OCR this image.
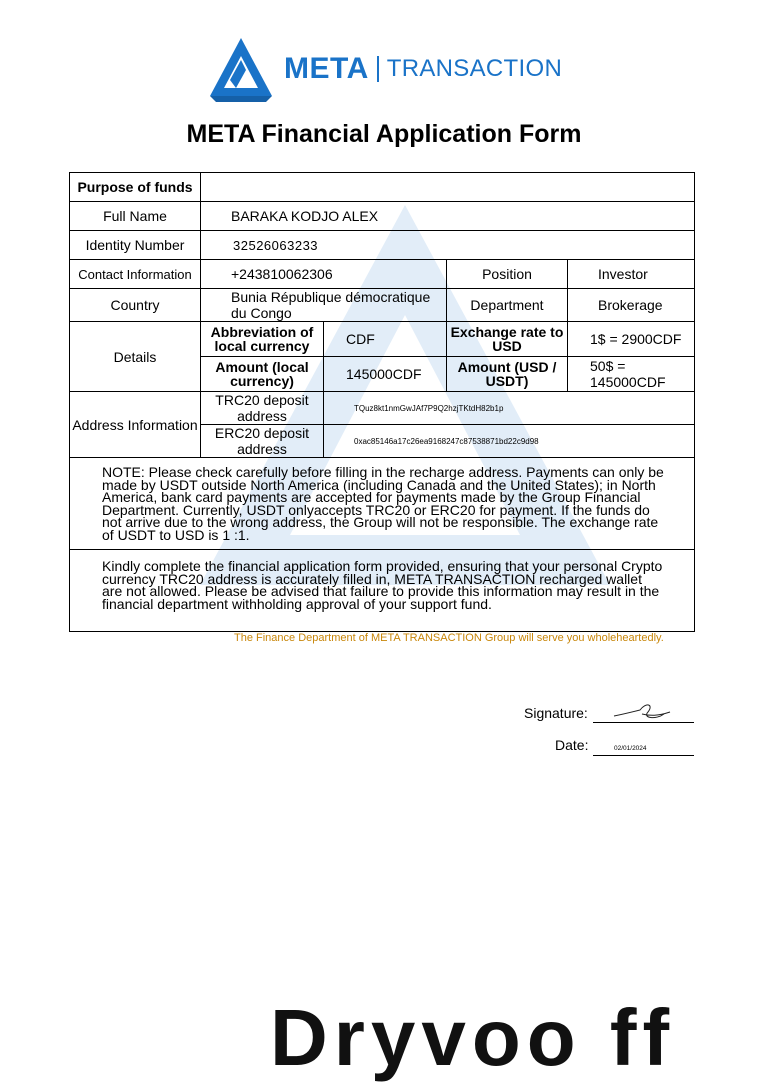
META TRANSACTION
META Financial Application Form
Purpose of funds				
Full Name	BARAKA KODJO ALEX			
Identity Number	32526063233			
Contact Information	+243810062306		Position	Investor
Country	Bunia République démocratique du Congo		Department	Brokerage
Details	Abbreviation of local currency	CDF	Exchange rate to USD	1$ = 2900CDF
	Amount (local currency)	145000CDF	Amount (USD / USDT)	50$ = 145000CDF
Address Information	TRC20 deposit address	TQuz8kt1nmGwJAf7P9Q2hzjTKtdH82b1p		
	ERC20 deposit address	0xac85146a17c26ea9168247c87538871bd22c9d98		
NOTE: Please check carefully before filling in the recharge address. Payments can only be made by USDT outside North America (including Canada and the United States); in North America, bank card payments are accepted for payments made by the Group Financial Department. Currently, USDT onlyaccepts TRC20 or ERC20 for payment. If the funds do not arrive due to the wrong address, the Group will not be responsible. The exchange rate of USDT to USD is 1 :1.				
Kindly complete the financial application form provided, ensuring that your personal Crypto currency TRC20 address is accurately filled in, META TRANSACTION recharged wallet are not allowed. Please be advised that failure to provide this information may result in the financial department withholding approval of your support fund.				
The Finance Department of META TRANSACTION Group will serve you wholeheartedly.
Signature:
Date:	02/01/2024
Dryvoo ff
